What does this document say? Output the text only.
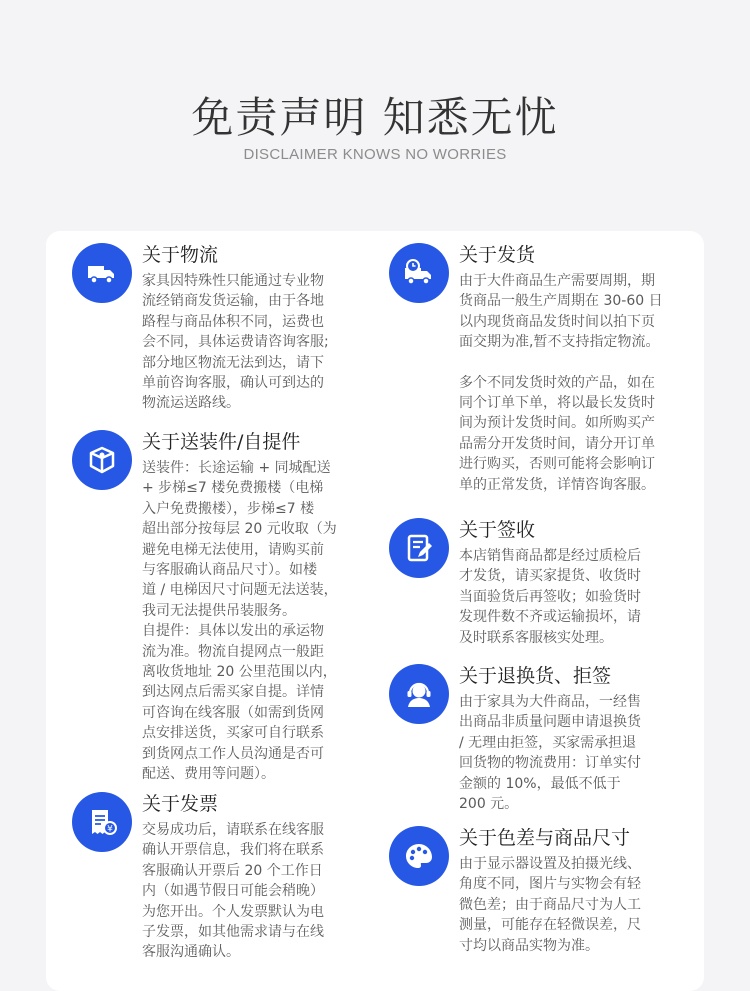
免责声明 知悉无忧
DISCLAIMER KNOWS NO WORRIES
关于物流

家具因特殊性只能通过专业物

流经销商发货运输，由于各地

路程与商品体积不同，运费也

会不同，具体运费请咨询客服;

部分地区物流无法到达，请下

单前咨询客服，确认可到达的

物流运送路线。

关于送装件/自提件

送装件：长途运输 + 同城配送

+ 步梯≤7 楼免费搬楼（电梯

入户免费搬楼），步梯≤7 楼

超出部分按每层 20 元收取（为

避免电梯无法使用，请购买前

与客服确认商品尺寸）。如楼

道 / 电梯因尺寸问题无法送装，

我司无法提供吊装服务。

自提件：具体以发出的承运物

流为准。物流自提网点一般距

离收货地址 20 公里范围以内，

到达网点后需买家自提。详情

可咨询在线客服（如需到货网

点安排送货，买家可自行联系

到货网点工作人员沟通是否可

配送、费用等问题）。

¥
关于发票

交易成功后，请联系在线客服

确认开票信息，我们将在联系

客服确认开票后 20 个工作日

内（如遇节假日可能会稍晚）

为您开出。个人发票默认为电

子发票，如其他需求请与在线

客服沟通确认。

关于发货

由于大件商品生产需要周期，期

货商品一般生产周期在 30-60 日

以内现货商品发货时间以拍下页

面交期为准,暂不支持指定物流。

多个不同发货时效的产品，如在

同个订单下单，将以最长发货时

间为预计发货时间。如所购买产

品需分开发货时间，请分开订单

进行购买，否则可能将会影响订

单的正常发货，详情咨询客服。

关于签收

本店销售商品都是经过质检后

才发货，请买家提货、收货时

当面验货后再签收；如验货时

发现件数不齐或运输损坏，请

及时联系客服核实处理。

关于退换货、拒签

由于家具为大件商品，一经售

出商品非质量问题申请退换货

/ 无理由拒签，买家需承担退

回货物的物流费用：订单实付

金额的 10%，最低不低于

200 元。

关于色差与商品尺寸

由于显示器设置及拍摄光线、

角度不同，图片与实物会有轻

微色差；由于商品尺寸为人工

测量，可能存在轻微误差，尺

寸均以商品实物为准。
